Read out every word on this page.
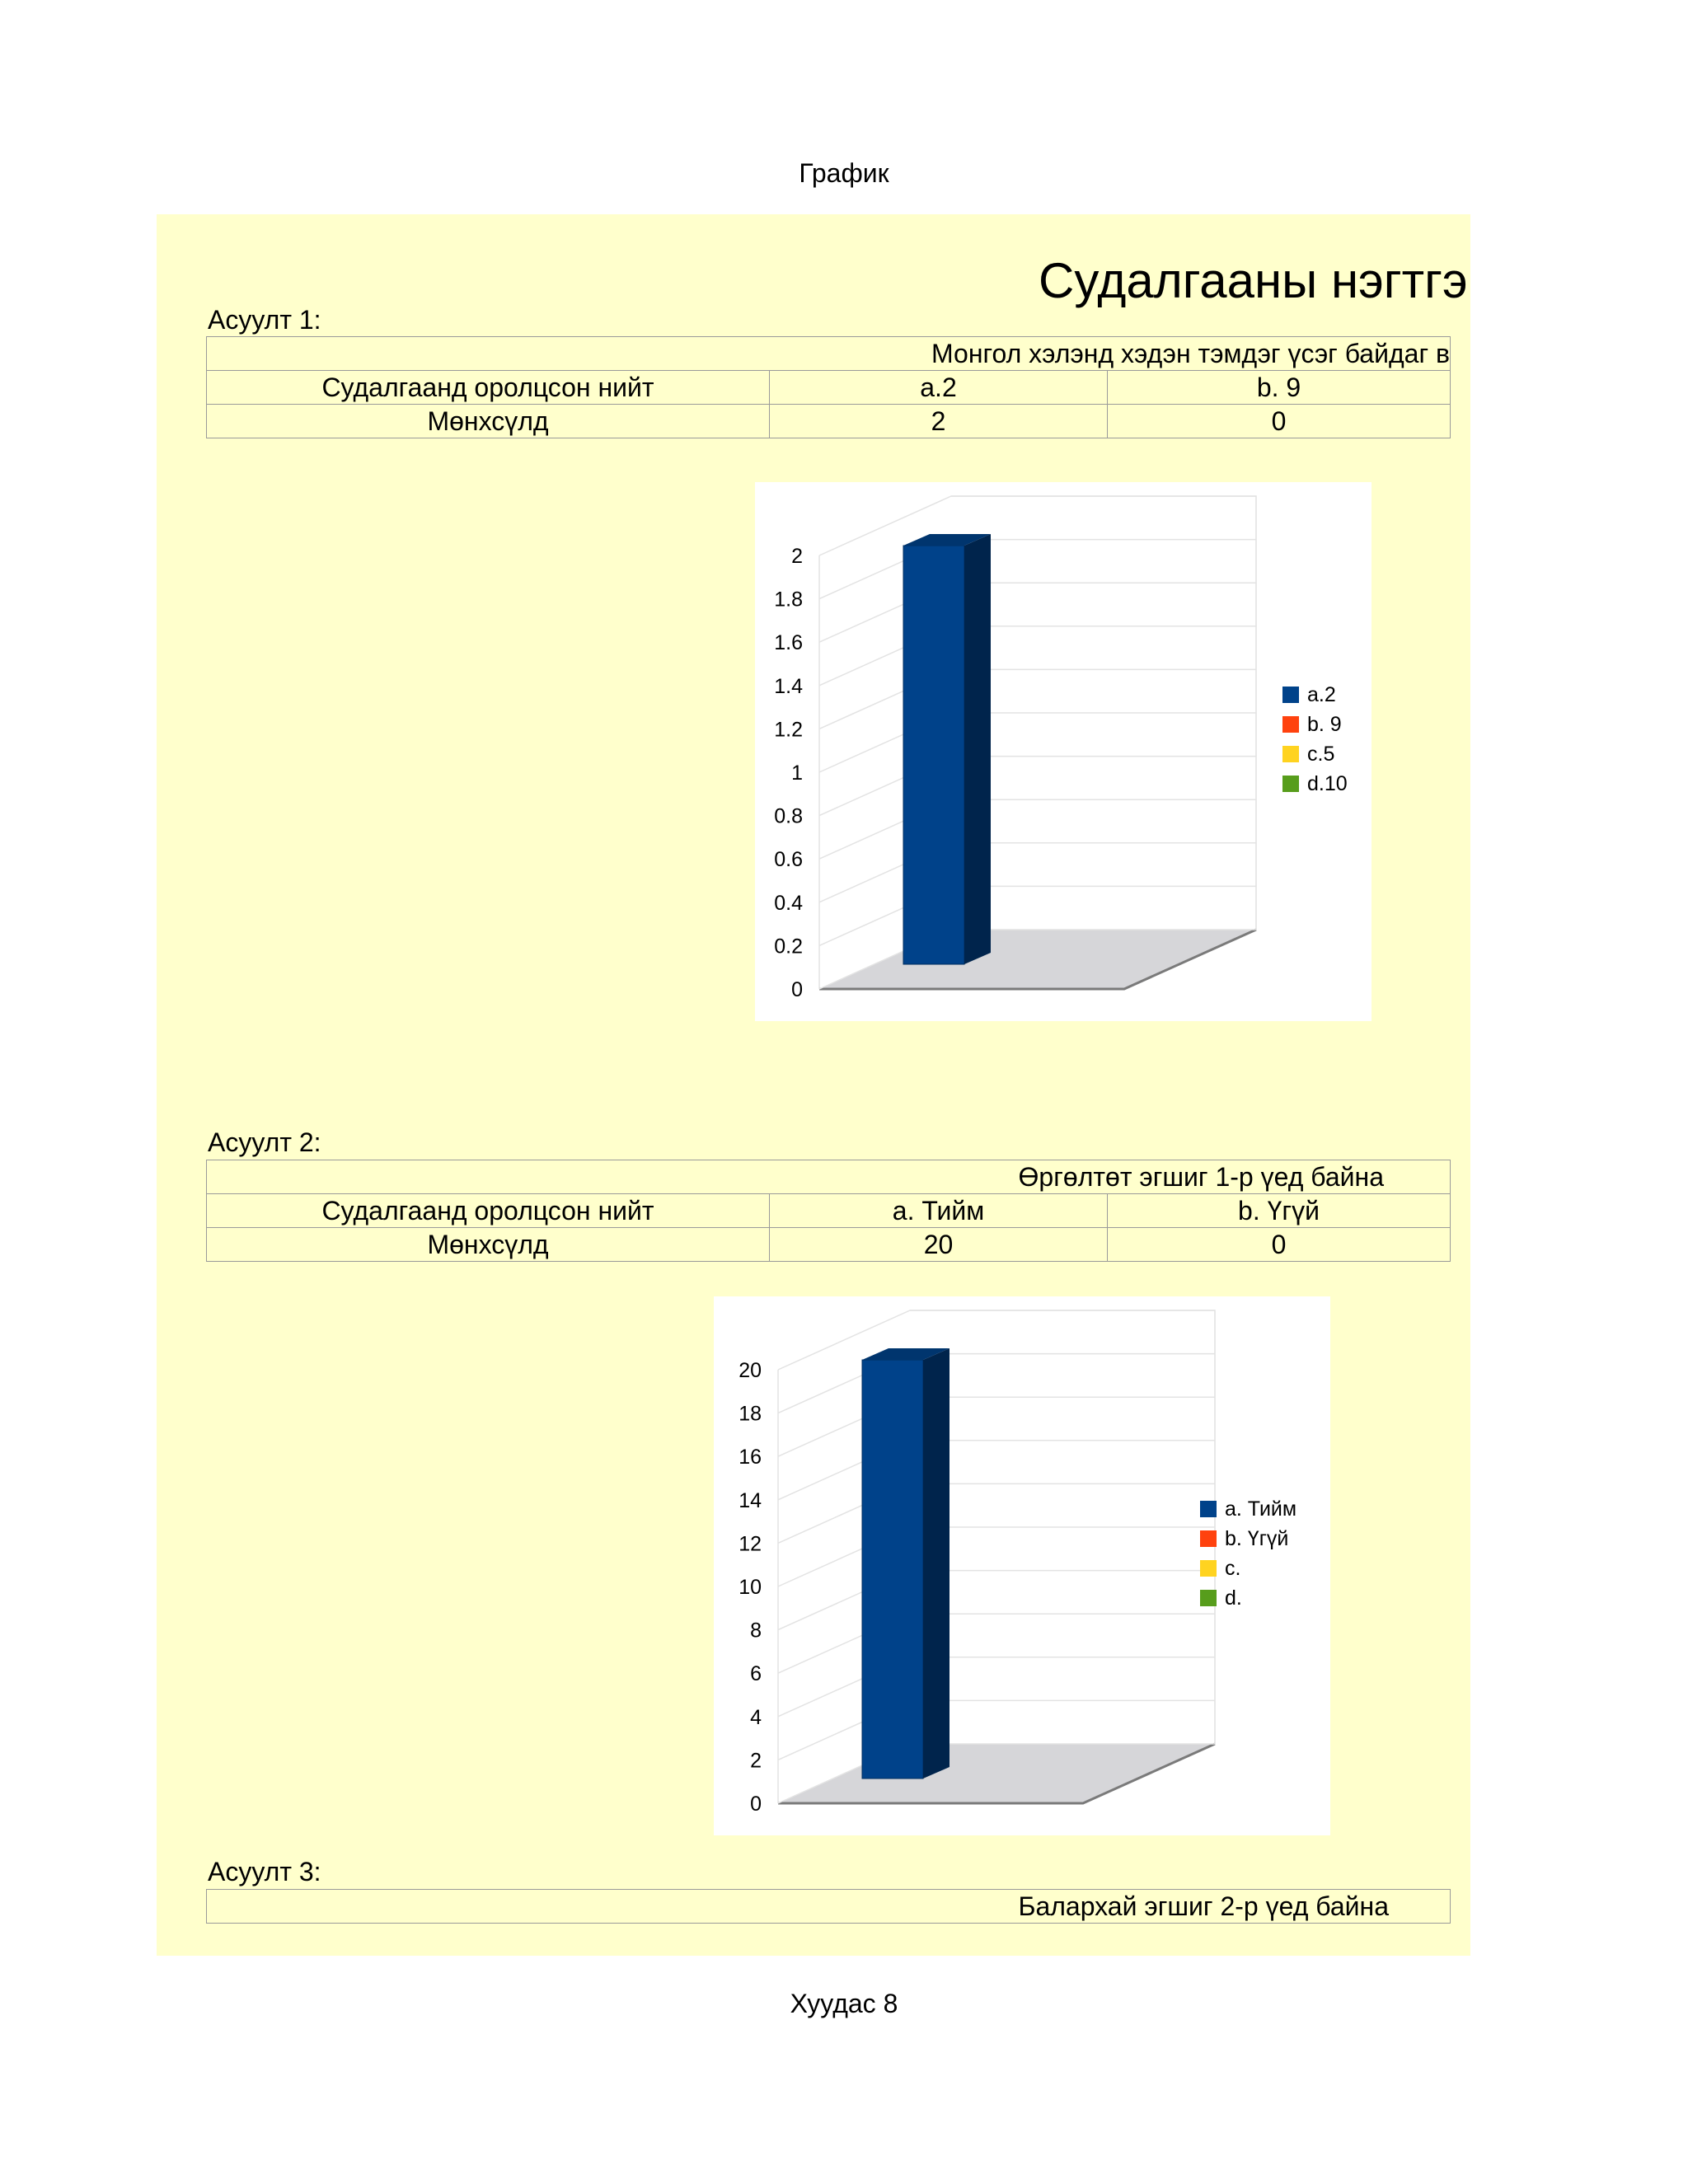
График
Судалгааны нэгтгэ
Асуулт 1:
Монгол хэлэнд хэдэн тэмдэг үсэг байдаг в		
Судалгаанд оролцсон нийт	a.2	b. 9
Мөнхсүлд	2	0
0
0.2
0.4
0.6
0.8
1
1.2
1.4
1.6
1.8
2
a.2
b. 9
c.5
d.10
Асуулт 2:
Өргөлтөт эгшиг 1-р үед байна		
Судалгаанд оролцсон нийт	a. Тийм	b. Үгүй
Мөнхсүлд	20	0
0
2
4
6
8
10
12
14
16
18
20
a. Тийм
b. Үгүй
c.
d.
Асуулт 3:
Бaлархай эгшиг 2-р үед байна
Хуудас 8
